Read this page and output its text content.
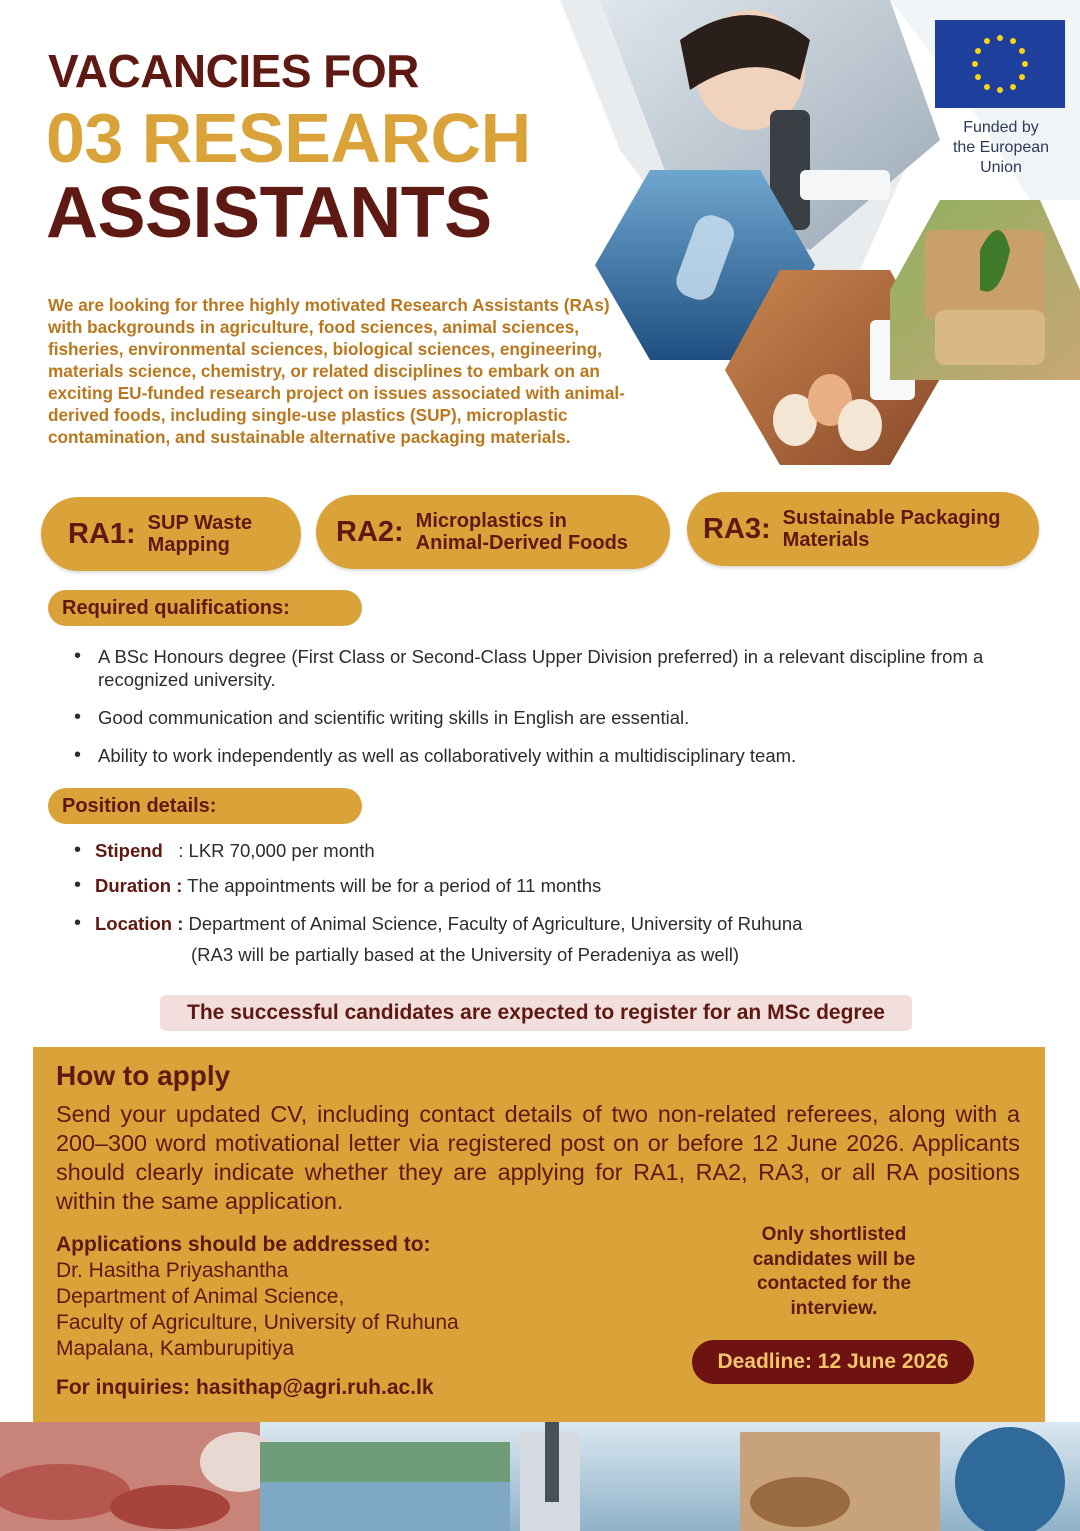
VACANCIES FOR
03 RESEARCH
ASSISTANTS
Funded by
the European
Union
We are looking for three highly motivated Research Assistants (RAs) with backgrounds in agriculture, food sciences, animal sciences, fisheries, environmental sciences, biological sciences, engineering, materials science, chemistry, or related disciplines to embark on an exciting EU-funded research project on issues associated with animal-derived foods, including single-use plastics (SUP), microplastic contamination, and sustainable alternative packaging materials.
RA1: SUP Waste
Mapping	RA2: Microplastics in
Animal-Derived Foods	RA3: Sustainable Packaging
Materials
Required qualifications:
• A BSc Honours degree (First Class or Second-Class Upper Division preferred) in a relevant discipline from a recognized university.
• Good communication and scientific writing skills in English are essential.
• Ability to work independently as well as collaboratively within a multidisciplinary team.
Position details:
• Stipend   : LKR 70,000 per month
• Duration : The appointments will be for a period of 11 months
• Location : Department of Animal Science, Faculty of Agriculture, University of Ruhuna
(RA3 will be partially based at the University of Peradeniya as well)
The successful candidates are expected to register for an MSc degree
How to apply
Send your updated CV, including contact details of two non-related referees, along with a 200–300 word motivational letter via registered post on or before 12 June 2026. Applicants should clearly indicate whether they are applying for RA1, RA2, RA3, or all RA positions within the same application.
Applications should be addressed to:
Dr. Hasitha Priyashantha
Department of Animal Science,
Faculty of Agriculture, University of Ruhuna
Mapalana, Kamburupitiya
For inquiries: hasithap@agri.ruh.ac.lk
Only shortlisted candidates will be contacted for the interview.
Deadline: 12 June 2026
